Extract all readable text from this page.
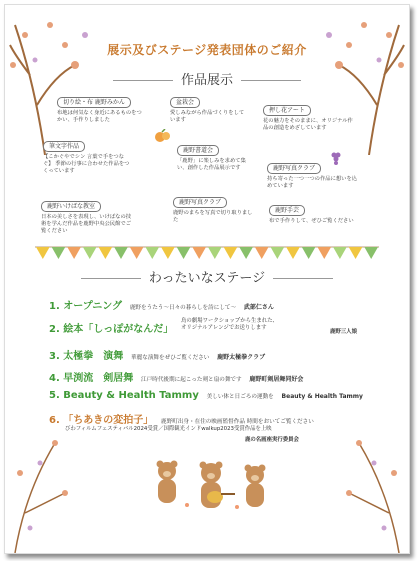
展示及びステージ発表団体のご紹介
作品展示
切り絵・布 鹿野みかん
布地は何気なく身近にあるものをつかい、手作りしました
盆栽会
愛しみながら作品づくりをしています
押し花アート
花の魅力をそのままに、オリジナル作品の創造をめざしています
筆文字作品
【こかぐやでシン 言葉で手をつなぐ】 季節の行事に合わせた作品をつくっています
鹿野書道会
「鹿野」に楽しみを求めて集い、創作した作品展示です	鹿野写真クラブ
持ち寄った一つ一つの作品に想いを込めています
鹿野いけばな教室
日本の美しさを表現し、いけばなの技術を学んだ作品を鹿野中央公民館でご覧ください
鹿野写真クラブ
鹿野のまちを写真で切り取りました
鹿野手芸
布で手作りして、ぜひご覧ください
わったいなステージ
1. オープニング 鹿野をうたう〜日々の暮らしを詩にして〜 武部仁さん
2. 絵本「しっぽがなんだ」
鳥の劇場ワークショップから生まれた、オリジナルアレンジでお送りします
鹿野三人娘
3. 太極拳　演舞 華麗な演舞をぜひご覧ください 鹿野太極拳クラブ
4. 早渕流　剣居舞 江戸時代後期に起こった剣と扇の舞です 鹿野町剣居舞同好会
5. Beauty & Health Tammy 美しい体と日ごろの運動を Beauty & Health Tammy
6. 「ちあきの変拍子」 鹿野町出身・在住の映画監督作品 時間をおいてご覧ください
びわフィルムフェスティバル2024受賞／国際観光インドwalkup2023受賞作品を上映
鹿の名画座実行委員会
